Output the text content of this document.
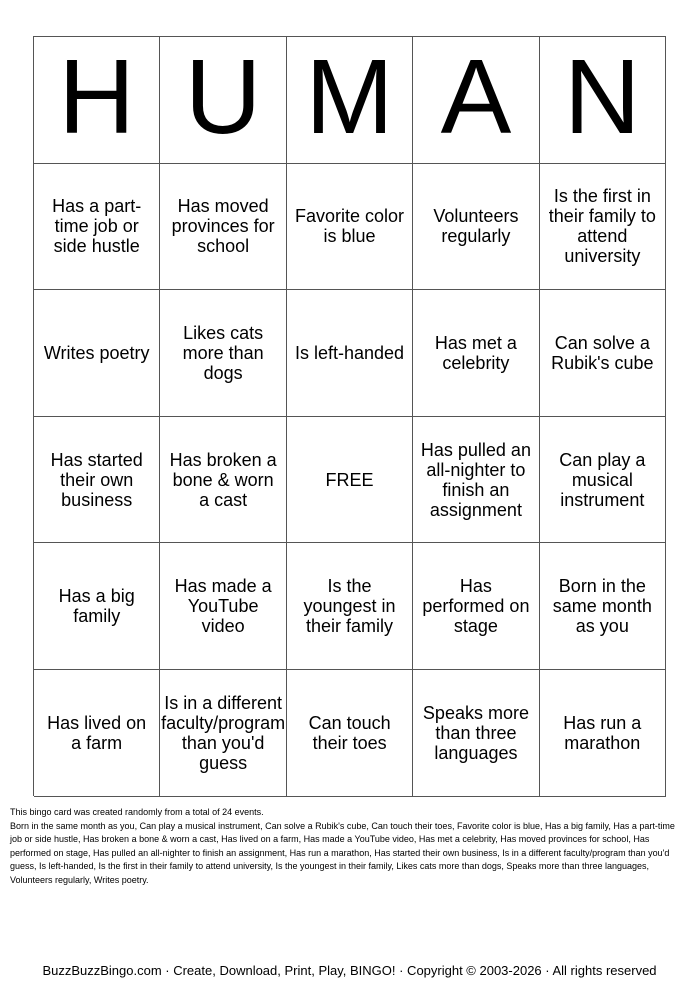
H U M A N
Has a part-time job or side hustle
Has moved provinces for school
Favorite color is blue
Volunteers regularly
Is the first in their family to attend university
Writes poetry
Likes cats more than dogs
Is left-handed	Has met a celebrity
Can solve a Rubik's cube
Has started their own business
Has broken a bone & worn a cast
FREE
Has pulled an all-nighter to finish an assignment
Can play a musical instrument
Has a big family
Has made a YouTube video
Is the youngest in their family
Has performed on stage
Born in the same month as you
Has lived on a farm
Is in a different faculty/program than you'd guess
Can touch their toes
Speaks more than three languages
Has run a marathon

This bingo card was created randomly from a total of 24 events.

Born in the same month as you, Can play a musical instrument, Can solve a Rubik's cube, Can touch their toes, Favorite color is blue, Has a big family, Has a part-time job or side hustle, Has broken a bone & worn a cast, Has lived on a farm, Has made a YouTube video, Has met a celebrity, Has moved provinces for school, Has performed on stage, Has pulled an all-nighter to finish an assignment, Has run a marathon, Has started their own business, Is in a different faculty/program than you'd guess, Is left-handed, Is the first in their family to attend university, Is the youngest in their family, Likes cats more than dogs, Speaks more than three languages, Volunteers regularly, Writes poetry.

BuzzBuzzBingo.com · Create, Download, Print, Play, BINGO! · Copyright © 2003-2026 · All rights reserved
